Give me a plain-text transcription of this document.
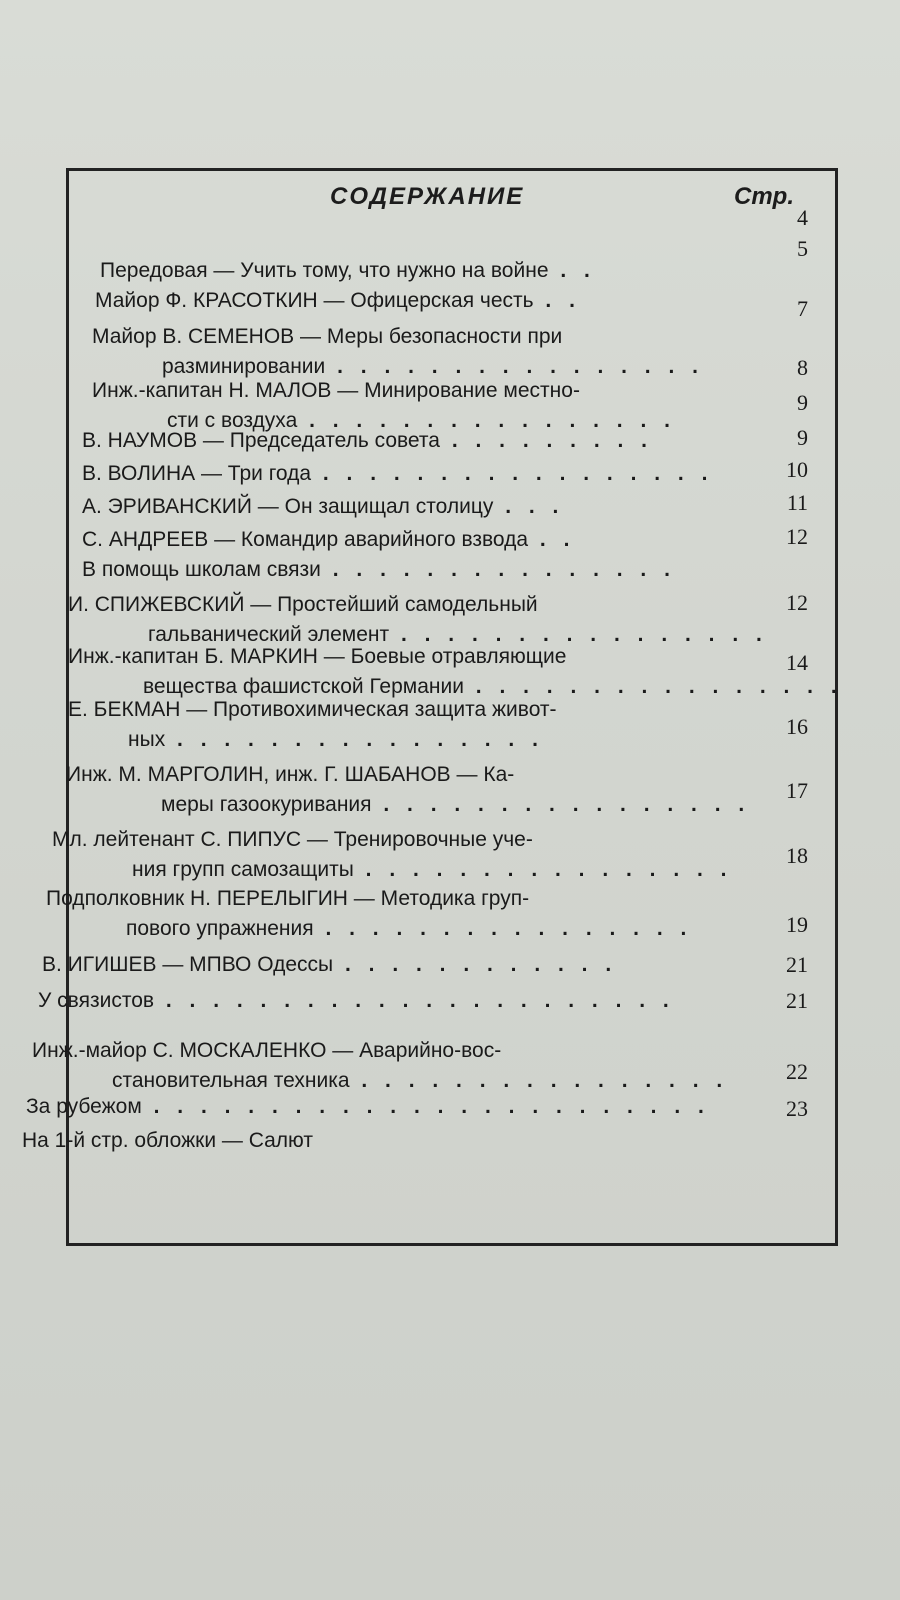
СОДЕРЖАНИЕ	Стр.
Передовая — Учить тому, что нужно на войне . .
Майор Ф. КРАСОТКИН — Офицерская честь . .
Майор В. СЕМЕНОВ — Меры безопасности при
разминировании . . . . . . . . . . . . . . . .
Инж.-капитан Н. МАЛОВ — Минирование местно-
сти с воздуха . . . . . . . . . . . . . . . .
В. НАУМОВ — Председатель совета . . . . . . . . .
В. ВОЛИНА — Три года . . . . . . . . . . . . . . . . .
А. ЭРИВАНСКИЙ — Он защищал столицу . . .
С. АНДРЕЕВ — Командир аварийного взвода . .
В помощь школам связи . . . . . . . . . . . . . . .
И. СПИЖЕВСКИЙ — Простейший самодельный
гальванический элемент . . . . . . . . . . . . . . . .
Инж.-капитан Б. МАРКИН — Боевые отравляющие
вещества фашистской Германии . . . . . . . . . . . . . . . .
Е. БЕКМАН — Противохимическая защита живот-
ных . . . . . . . . . . . . . . . .
Инж. М. МАРГОЛИН, инж. Г. ШАБАНОВ — Ка-
меры газоокуривания . . . . . . . . . . . . . . . .
Мл. лейтенант С. ПИПУС — Тренировочные уче-
ния групп самозащиты . . . . . . . . . . . . . . . .
Подполковник Н. ПЕРЕЛЫГИН — Методика груп-
пового упражнения . . . . . . . . . . . . . . . .
В. ИГИШЕВ — МПВО Одессы . . . . . . . . . . . .
У связистов . . . . . . . . . . . . . . . . . . . . . .
Инж.-майор С. МОСКАЛЕНКО — Аварийно-вос-
становительная техника . . . . . . . . . . . . . . . .
За рубежом . . . . . . . . . . . . . . . . . . . . . . . .
На 1-й стр. обложки — Салют
4
5
7
8
9
9
10
11
12
12
14
16
17
18
19
21
21
22
23
